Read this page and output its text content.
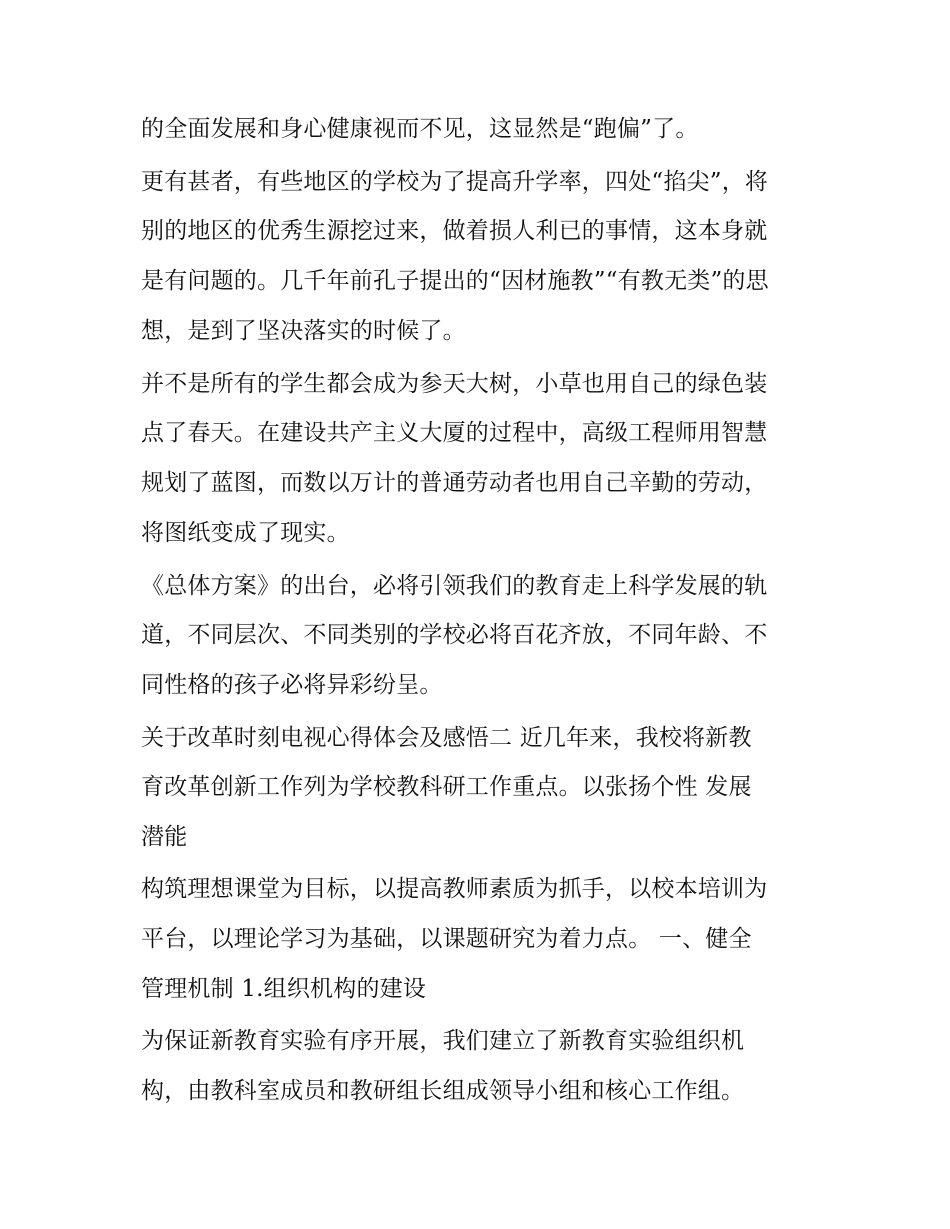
的全面发展和身心健康视而不见，这显然是“跑偏”了。
更有甚者，有些地区的学校为了提高升学率，四处“掐尖”，将
别的地区的优秀生源挖过来，做着损人利已的事情，这本身就
是有问题的。几千年前孔子提出的“因材施教”“有教无类”的思
想，是到了坚决落实的时候了。
并不是所有的学生都会成为参天大树，小草也用自己的绿色装
点了春天。在建设共产主义大厦的过程中，高级工程师用智慧
规划了蓝图，而数以万计的普通劳动者也用自己辛勤的劳动，
将图纸变成了现实。
《总体方案》的出台，必将引领我们的教育走上科学发展的轨
道，不同层次、不同类别的学校必将百花齐放，不同年龄、不
同性格的孩子必将异彩纷呈。
关于改革时刻电视心得体会及感悟二 近几年来，我校将新教
育改革创新工作列为学校教科研工作重点。以张扬个性 发展
潜能
构筑理想课堂为目标，以提高教师素质为抓手，以校本培训为
平台，以理论学习为基础，以课题研究为着力点。 一、健全
管理机制 1.组织机构的建设
为保证新教育实验有序开展，我们建立了新教育实验组织机
构，由教科室成员和教研组长组成领导小组和核心工作组。
